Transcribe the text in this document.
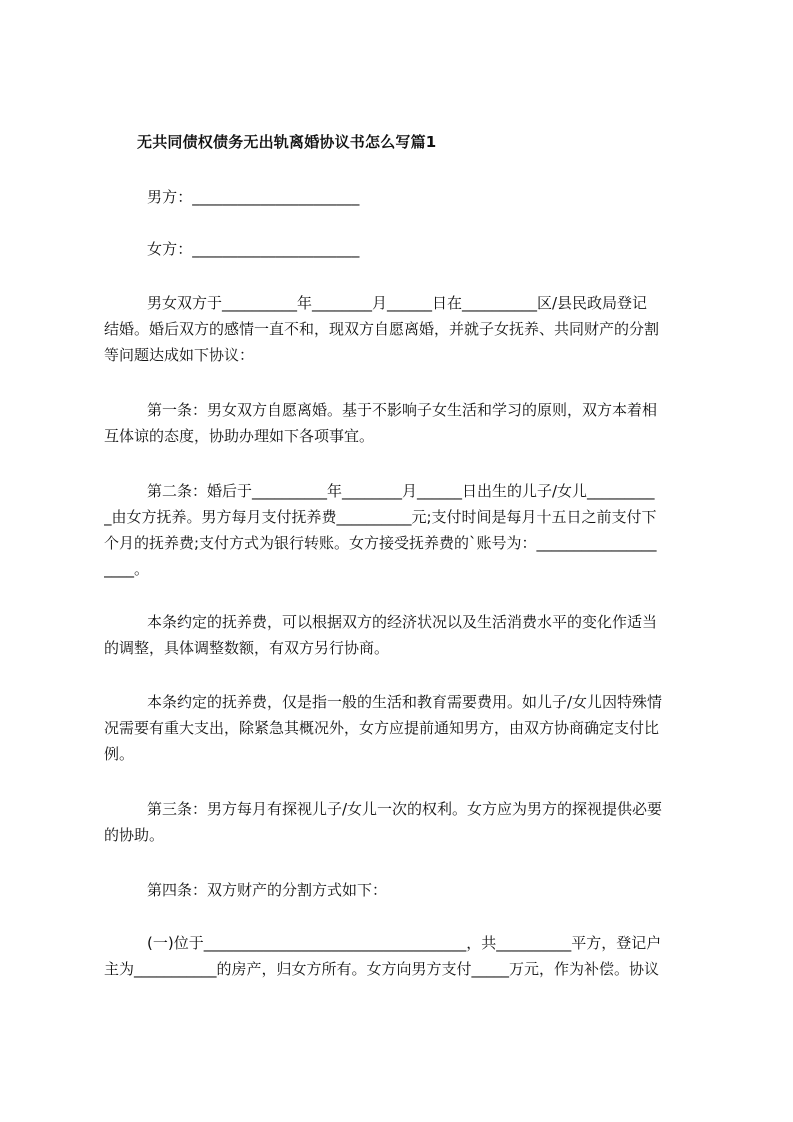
无共同债权债务无出轨离婚协议书怎么写篇1
男方：______________________
女方：______________________

男女双方于__________年________月______日在__________区/县民政局登记

结婚。婚后双方的感情一直不和，现双方自愿离婚，并就子女抚养、共同财产的分割

等问题达成如下协议：

第一条：男女双方自愿离婚。基于不影响子女生活和学习的原则，双方本着相

互体谅的态度，协助办理如下各项事宜。

第二条：婚后于__________年________月______日出生的儿子/女儿_________

_由女方抚养。男方每月支付抚养费__________元;支付时间是每月十五日之前支付下

个月的抚养费;支付方式为银行转账。女方接受抚养费的`账号为：________________

____。

本条约定的抚养费，可以根据双方的经济状况以及生活消费水平的变化作适当

的调整，具体调整数额，有双方另行协商。

本条约定的抚养费，仅是指一般的生活和教育需要费用。如儿子/女儿因特殊情

况需要有重大支出，除紧急其概况外，女方应提前通知男方，由双方协商确定支付比

例。

第三条：男方每月有探视儿子/女儿一次的权利。女方应为男方的探视提供必要

的协助。

第四条：双方财产的分割方式如下：

(一)位于___________________________________，共__________平方，登记户

主为___________的房产，归女方所有。女方向男方支付_____万元，作为补偿。协议
